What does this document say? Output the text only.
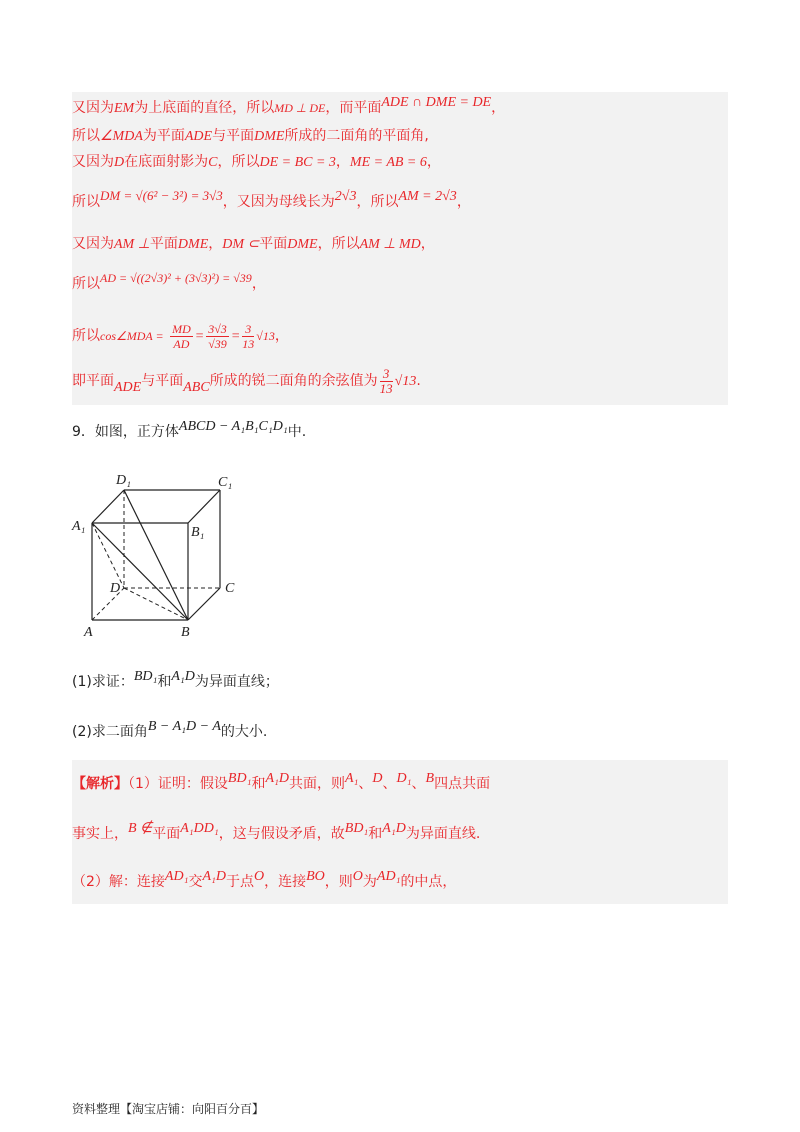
又因为EM为上底面的直径，所以MD ⊥ DE，而平面ADE ∩ DME = DE，
所以∠MDA为平面ADE与平面DME所成的二面角的平面角,
又因为D在底面射影为C，所以DE = BC = 3，ME = AB = 6，
所以DM = √(6² − 3²) = 3√3，又因为母线长为2√3，所以AM = 2√3，
又因为AM ⊥平面DME，DM ⊂平面DME，所以AM ⊥ MD，
所以AD = √((2√3)² + (3√3)²) = √39，
所以cos∠MDA = $\frac{MD}{AD} = \frac{3√3}{√39} = \frac{3}{13} √13$，
即平面ADE与平面ABC所成的锐二面角的余弦值为 $\frac{3}{13} √13$.
9．如图，正方体ABCD − A₁B₁C₁D₁中.
D₁	C₁
A₁	B₁
D	C
A	B
(1)求证：BD₁和A₁D为异面直线；
(2)求二面角B − A₁D − A的大小.
【解析】（1）证明：假设BD₁和A₁D共面，则A₁、D、D₁、B四点共面
事实上，B ∉平面A₁DD₁，这与假设矛盾，故BD₁和A₁D为异面直线.
（2）解：连接AD₁交A₁D于点O，连接BO，则O为AD₁的中点，
资料整理【淘宝店铺：向阳百分百】
